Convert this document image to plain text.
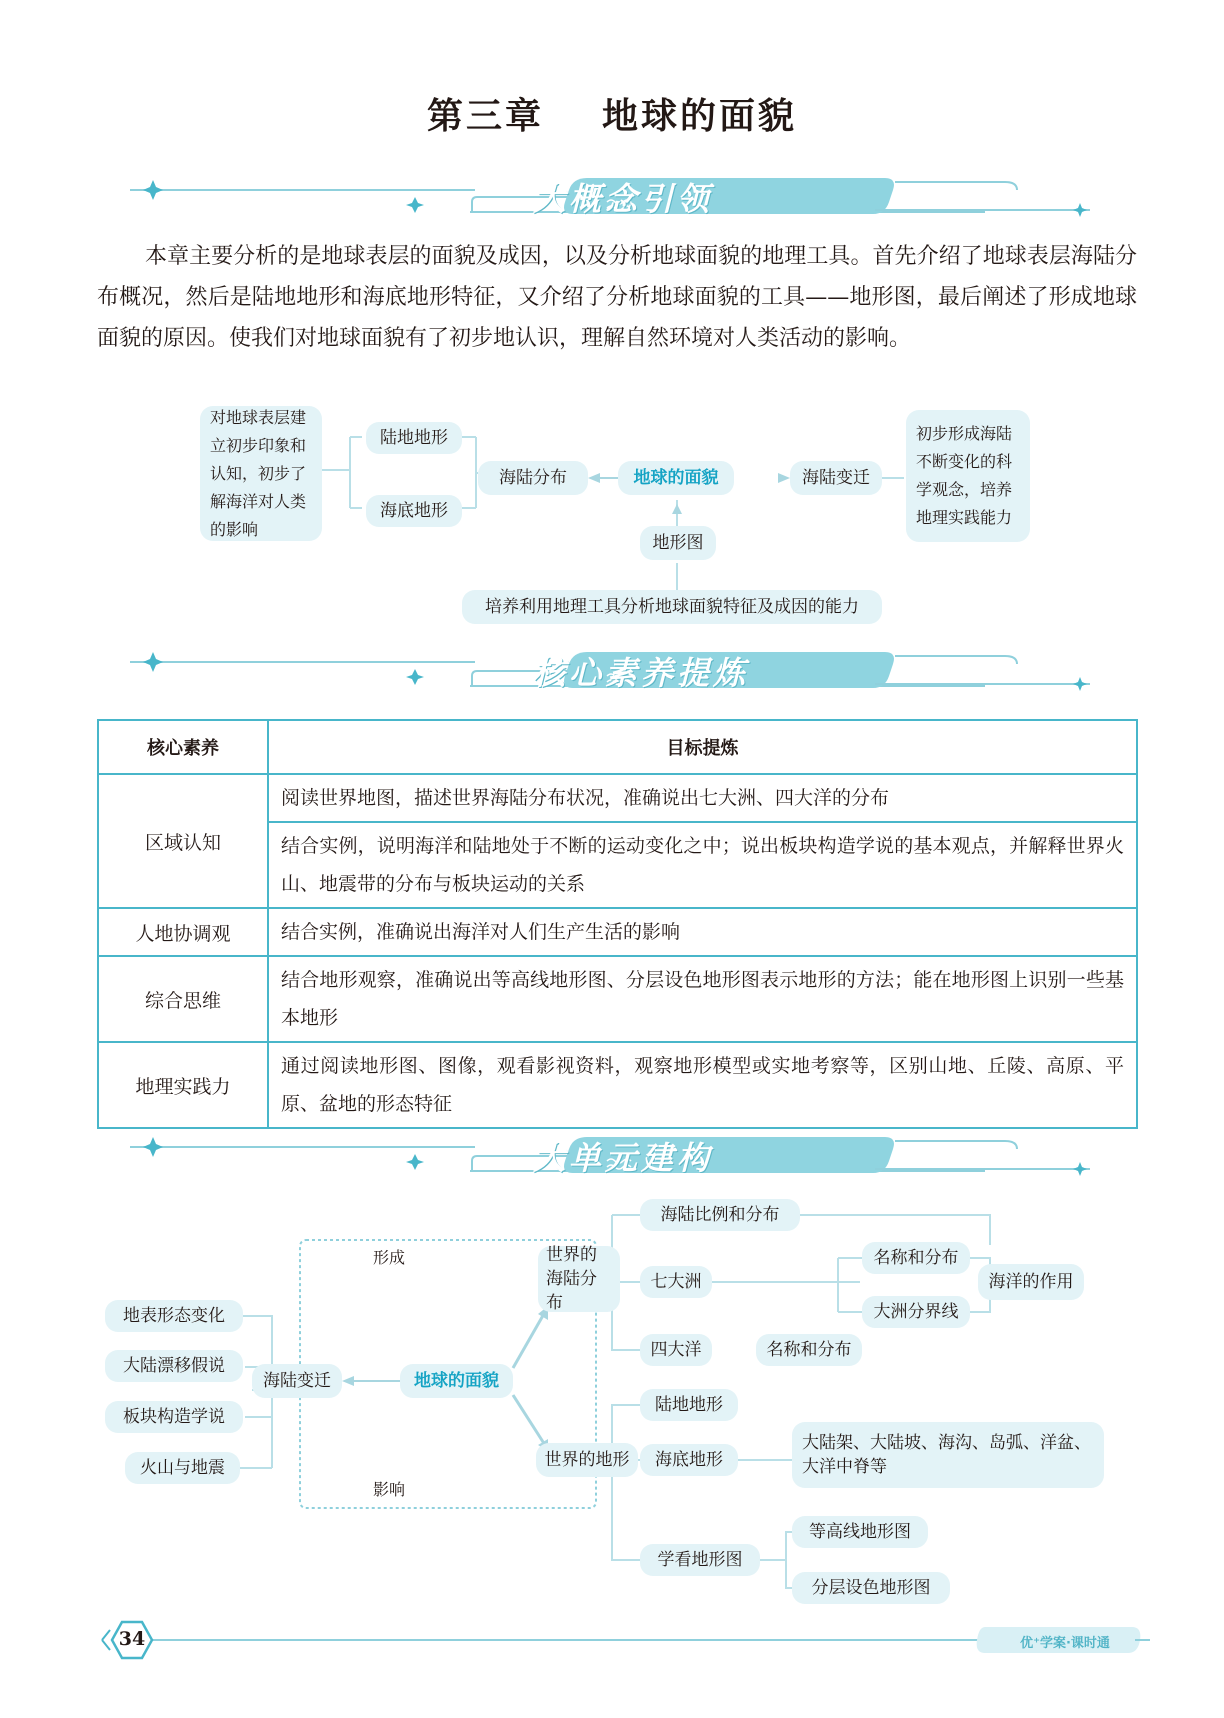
第三章 地球的面貌
大概念引领
本章主要分析的是地球表层的面貌及成因，以及分析地球面貌的地理工具。首先介绍了地球表层海陆分布概况，然后是陆地地形和海底地形特征，又介绍了分析地球面貌的工具——地形图，最后阐述了形成地球面貌的原因。使我们对地球面貌有了初步地认识，理解自然环境对人类活动的影响。
对地球表层建立初步印象和认知，初步了解海洋对人类的影响
陆地地形
海底地形
海陆分布	地球的面貌	海陆变迁
初步形成海陆不断变化的科学观念，培养地理实践能力
地形图
培养利用地理工具分析地球面貌特征及成因的能力
核心素养提炼
核心素养	目标提炼
区域认知	阅读世界地图，描述世界海陆分布状况，准确说出七大洲、四大洋的分布
	结合实例，说明海洋和陆地处于不断的运动变化之中；说出板块构造学说的基本观点，并解释世界火山、地震带的分布与板块运动的关系
人地协调观	结合实例，准确说出海洋对人们生产生活的影响
综合思维	结合地形观察，准确说出等高线地形图、分层设色地形图表示地形的方法；能在地形图上识别一些基本地形
地理实践力	通过阅读地形图、图像，观看影视资料，观察地形模型或实地考察等，区别山地、丘陵、高原、平原、盆地的形态特征
大单元建构
形成
影响
地表形态变化
大陆漂移假说
板块构造学说
火山与地震
海陆变迁	地球的面貌
世界的海陆分布
海陆比例和分布
七大洲
四大洋	名称和分布
名称和分布
大洲分界线
海洋的作用
世界的地形
陆地地形
海底地形
大陆架、大陆坡、海沟、岛弧、洋盆、大洋中脊等
学看地形图
等高线地形图
分层设色地形图
34	优⁺学案·课时通
